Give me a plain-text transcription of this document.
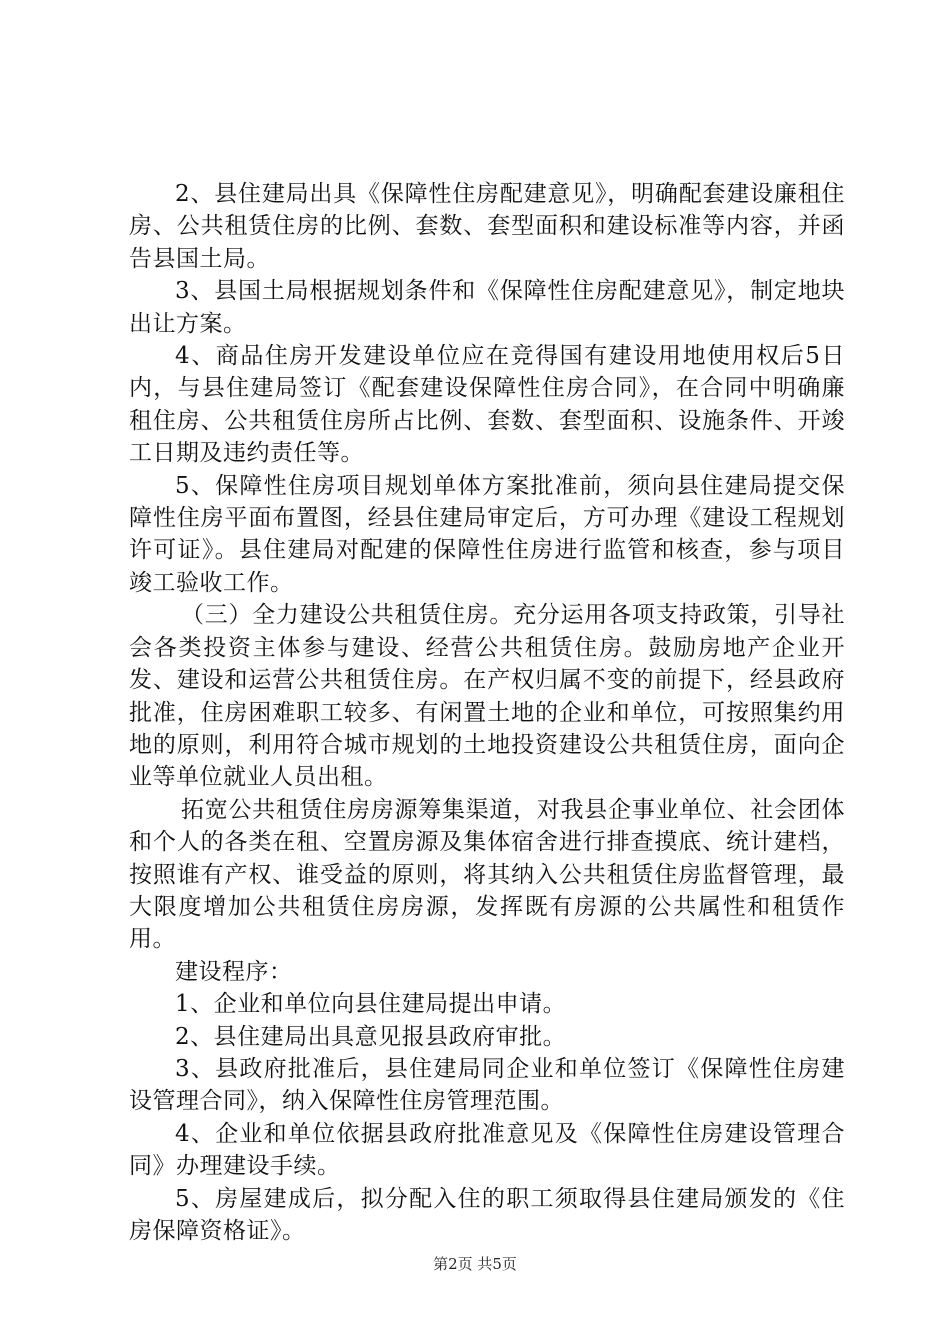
2、县住建局出具《保障性住房配建意见》，明确配套建设廉租住房、公共租赁住房的比例、套数、套型面积和建设标准等内容，并函告县国土局。

3、县国土局根据规划条件和《保障性住房配建意见》，制定地块出让方案。

4、商品住房开发建设单位应在竞得国有建设用地使用权后5日内，与县住建局签订《配套建设保障性住房合同》，在合同中明确廉租住房、公共租赁住房所占比例、套数、套型面积、设施条件、开竣工日期及违约责任等。

5、保障性住房项目规划单体方案批准前，须向县住建局提交保障性住房平面布置图，经县住建局审定后，方可办理《建设工程规划许可证》。县住建局对配建的保障性住房进行监管和核查，参与项目竣工验收工作。

（三）全力建设公共租赁住房。充分运用各项支持政策，引导社会各类投资主体参与建设、经营公共租赁住房。鼓励房地产企业开发、建设和运营公共租赁住房。在产权归属不变的前提下，经县政府批准，住房困难职工较多、有闲置土地的企业和单位，可按照集约用地的原则，利用符合城市规划的土地投资建设公共租赁住房，面向企业等单位就业人员出租。

拓宽公共租赁住房房源筹集渠道，对我县企事业单位、社会团体和个人的各类在租、空置房源及集体宿舍进行排查摸底、统计建档，按照谁有产权、谁受益的原则，将其纳入公共租赁住房监督管理，最大限度增加公共租赁住房房源，发挥既有房源的公共属性和租赁作用。

建设程序：

1、企业和单位向县住建局提出申请。

2、县住建局出具意见报县政府审批。

3、县政府批准后，县住建局同企业和单位签订《保障性住房建设管理合同》，纳入保障性住房管理范围。

4、企业和单位依据县政府批准意见及《保障性住房建设管理合同》办理建设手续。

5、房屋建成后，拟分配入住的职工须取得县住建局颁发的《住房保障资格证》。

第2页 共5页
